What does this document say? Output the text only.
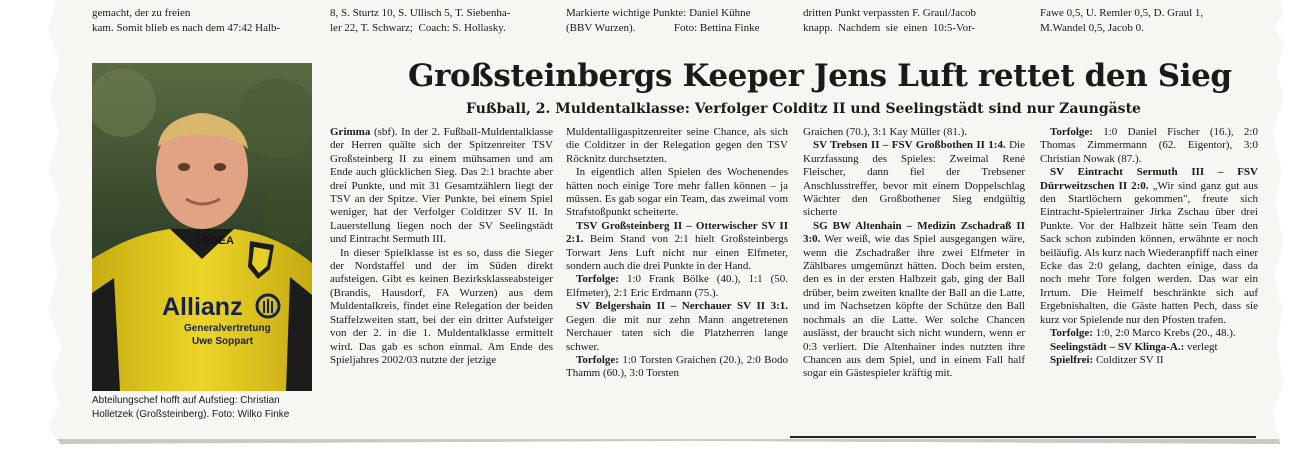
gemacht, der zu freien
kam. Somit blieb es nach dem 47:42 Halb-
8, S. Sturtz 10, S. Ullisch 5, T. Siebenha-
ler 22, T. Schwarz;  Coach: S. Hollasky.
Markierte wichtige Punkte: Daniel Kühne
(BBV Wurzen).              Foto: Bettina Finke
dritten Punkt verpassten F. Graul/Jacob
knapp.  Nachdem  sie  einen  10:5-Vor-
Fawe 0,5, U. Remler 0,5, D. Graul 1,
M.Wandel 0,5, Jacob 0.
Großsteinbergs Keeper Jens Luft rettet den Sieg
Fußball, 2. Muldentalklasse: Verfolger Colditz II und Seelingstädt sind nur Zaungäste
LEGEA
Allianz
Generalvertretung
Uwe Soppart
Abteilungschef hofft auf Aufstieg: Christian Holletzek (Großsteinberg). Foto: Wilko Finke

Grimma (sbf). In der 2. Fußball-Muldentalklasse der Herren quälte sich der Spitzenreiter TSV Großsteinberg II zu einem mühsamen und am Ende auch glücklichen Sieg. Das 2:1 brachte aber drei Punkte, und mit 31 Gesamtzählern liegt der TSV an der Spitze. Vier Punkte, bei einem Spiel weniger, hat der Verfolger Colditzer SV II. In Lauerstellung liegen noch der SV Seelingstädt und Eintracht Sermuth III.

In dieser Spielklasse ist es so, dass die Sieger der Nordstaffel und der im Süden direkt aufsteigen. Gibt es keinen Bezirksklasseabsteiger (Brandis, Hausdorf, FA Wurzen) aus dem Muldentalkreis, findet eine Relegation der beiden Staffelzweiten statt, bei der ein dritter Aufsteiger von der 2. in die 1. Muldentalklasse ermittelt wird. Das gab es schon einmal. Am Ende des Spieljahres 2002/03 nutzte der jetzige

Muldentalligaspitzenreiter seine Chance, als sich die Colditzer in der Relegation gegen den TSV Röcknitz durchsetzten.

In eigentlich allen Spielen des Wochenendes hätten noch einige Tore mehr fallen können – ja müssen. Es gab sogar ein Team, das zweimal vom Strafstoßpunkt scheiterte.

TSV Großsteinberg II – Otterwischer SV II 2:1. Beim Stand von 2:1 hielt Großsteinbergs Torwart Jens Luft nicht nur einen Elfmeter, sondern auch die drei Punkte in der Hand.

Torfolge: 1:0 Frank Bölke (40.), 1:1 (50. Elfmeter), 2:1 Eric Erdmann (75.).

SV Belgershain II – Nerchauer SV II 3:1. Gegen die mit nur zehn Mann angetretenen Nerchauer taten sich die Platzherren lange schwer.

Torfolge: 1:0 Torsten Graichen (20.), 2:0 Bodo Thamm (60.), 3:0 Torsten

Graichen (70.), 3:1 Kay Müller (81.).

SV Trebsen II – FSV Großbothen II 1:4. Die Kurzfassung des Spieles: Zweimal René Fleischer, dann fiel der Trebsener Anschlusstreffer, bevor mit einem Doppelschlag Wächter den Großbothener Sieg endgültig sicherte

SG BW Altenhain – Medizin Zschadraß II 3:0. Wer weiß, wie das Spiel ausgegangen wäre, wenn die Zschadraßer ihre zwei Elfmeter in Zählbares umgemünzt hätten. Doch beim ersten, den es in der ersten Halbzeit gab, ging der Ball drüber, beim zweiten knallte der Ball an die Latte, und im Nachsetzen köpfte der Schütze den Ball nochmals an die Latte. Wer solche Chancen auslässt, der braucht sich nicht wundern, wenn er 0:3 verliert. Die Altenhainer indes nutzten ihre Chancen aus dem Spiel, und in einem Fall half sogar ein Gästespieler kräftig mit.

Torfolge: 1:0 Daniel Fischer (16.), 2:0 Thomas Zimmermann (62. Eigentor), 3:0 Christian Nowak (87.).

SV Eintracht Sermuth III – FSV Dürrweitzschen II 2:0. „Wir sind ganz gut aus den Startlöchern gekommen", freute sich Eintracht-Spielertrainer Jirka Zschau über drei Punkte. Vor der Halbzeit hätte sein Team den Sack schon zubinden können, erwähnte er noch beiläufig. Als kurz nach Wiederanpfiff nach einer Ecke das 2:0 gelang, dachten einige, dass da noch mehr Tore folgen werden. Das war ein Irrtum. Die Heimelf beschränkte sich auf Ergebnishalten, die Gäste hatten Pech, dass sie kurz vor Spielende nur den Pfosten trafen.

Torfolge: 1:0, 2:0 Marco Krebs (20., 48.).

Seelingstädt – SV Klinga-A.: verlegt

Spielfrei: Colditzer SV II
